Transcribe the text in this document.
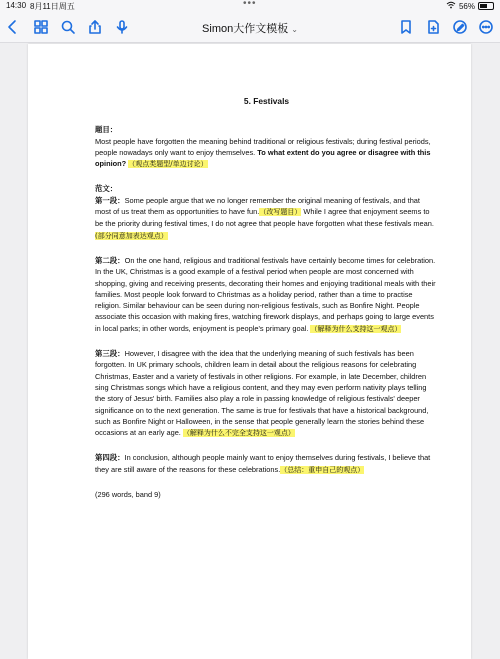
14:30 8月11日周五	•••	56%
Simon大作文模板 ⌄
5. Festivals

题目：
Most people have forgotten the meaning behind traditional or religious festivals; during festival periods, people nowadays only want to enjoy themselves. To what extent do you agree or disagree with this opinion? （观点类题型/单边讨论）

范文：
第一段：Some people argue that we no longer remember the original meaning of festivals, and that most of us treat them as opportunities to have fun.（改写题目） While I agree that enjoyment seems to be the priority during festival times, I do not agree that people have forgotten what these festivals mean.(部分同意加表达观点）

第二段：On the one hand, religious and traditional festivals have certainly become times for celebration. In the UK, Christmas is a good example of a festival period when people are most concerned with shopping, giving and receiving presents, decorating their homes and enjoying traditional meals with their families. Most people look forward to Christmas as a holiday period, rather than a time to practise religion. Similar behaviour can be seen during non-religious festivals, such as Bonfire Night. People associate this occasion with making fires, watching firework displays, and perhaps going to large events in local parks; in other words, enjoyment is people's primary goal. （解释为什么支持这一观点）

第三段：However, I disagree with the idea that the underlying meaning of such festivals has been forgotten. In UK primary schools, children learn in detail about the religious reasons for celebrating Christmas, Easter and a variety of festivals in other religions. For example, in late December, children sing Christmas songs which have a religious content, and they may even perform nativity plays telling the story of Jesus' birth. Families also play a role in passing knowledge of religious festivals' deeper significance on to the next generation. The same is true for festivals that have a historical background, such as Bonfire Night or Halloween, in the sense that people generally learn the stories behind these occasions at an early age. （解释为什么不完全支持这一观点）

第四段：In conclusion, although people mainly want to enjoy themselves during festivals, I believe that they are still aware of the reasons for these celebrations.（总结：重申自己的观点）

(296 words, band 9)
